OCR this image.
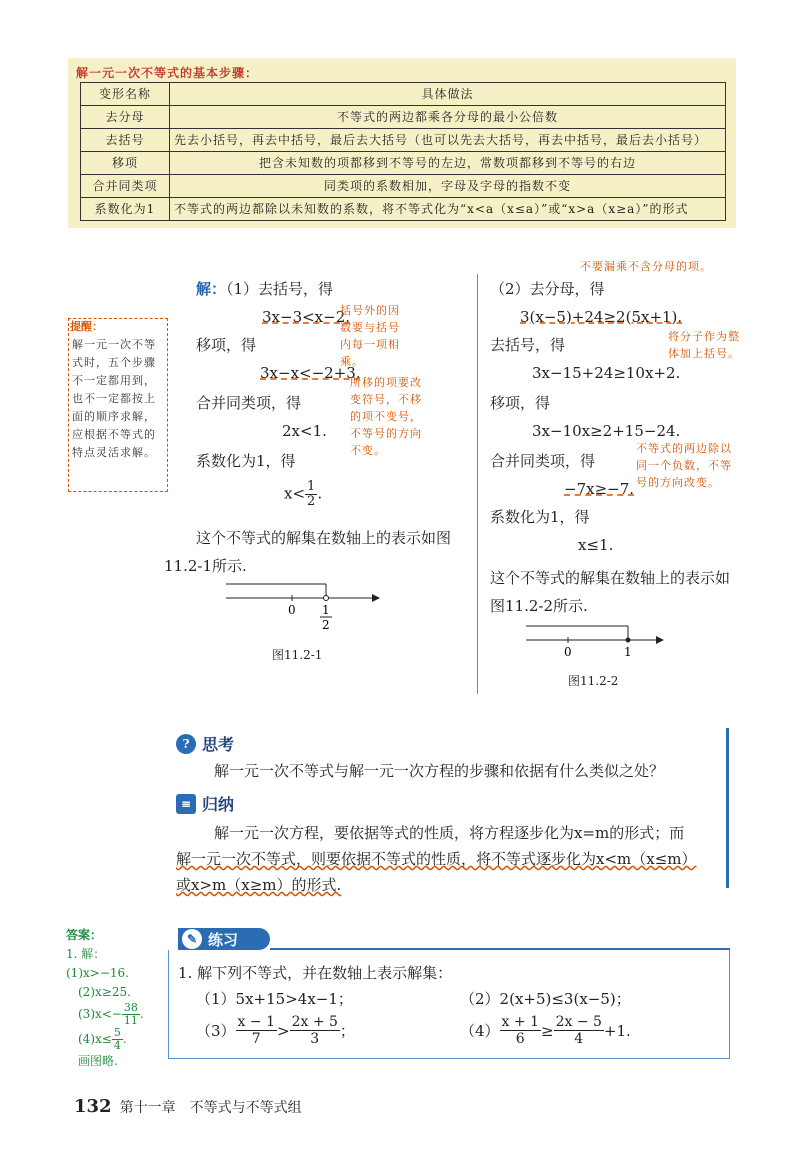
解一元一次不等式的基本步骤：
变形名称	具体做法
去分母	不等式的两边都乘各分母的最小公倍数
去括号	先去小括号，再去中括号，最后去大括号（也可以先去大括号，再去中括号，最后去小括号）
移项	把含未知数的项都移到不等号的左边，常数项都移到不等号的右边
合并同类项	同类项的系数相加，字母及字母的指数不变
系数化为1	不等式的两边都除以未知数的系数，将不等式化为“x<a（x≤a）”或“x>a（x≥a）”的形式
提醒：
解一元一次不等式时，五个步骤不一定都用到，也不一定都按上面的顺序求解，应根据不等式的特点灵活求解。
解：（1）去括号，得
3x−3<x−2.
括号外的因数要与括号内每一项相乘。
移项，得
3x−x<−2+3.
所移的项要改变符号，不移的项不变号，不等号的方向不变。
合并同类项，得
2x<1.
系数化为1，得
$x< \frac{1}{2}$ .
这个不等式的解集在数轴上的表示如图11.2-1所示.
0 1
2
图11.2-1
不要漏乘不含分母的项。
（2）去分母，得
3(x−5)+24≥2(5x+1).
将分子作为整体加上括号。
去括号，得
3x−15+24≥10x+2.
移项，得
3x−10x≥2+15−24.
不等式的两边除以同一个负数，不等号的方向改变。
合并同类项，得
−7x≥−7.
系数化为1，得
x≤1.
这个不等式的解集在数轴上的表示如图11.2-2所示.
0	1
图11.2-2
? 思考
解一元一次不等式与解一元一次方程的步骤和依据有什么类似之处？
≡ 归纳
解一元一次方程，要依据等式的性质，将方程逐步化为x=m的形式；而
解一元一次不等式，则要依据不等式的性质，将不等式逐步化为x<m（x≤m）
或x>m（x≥m）的形式.
答案：
1. 解：(1)x>−16.
(2)x≥25.
$(3)x<- \frac{38}{11}$ .
$(4)x\le \frac{5}{4}$ .
画图略.
✎ 练习
1. 解下列不等式，并在数轴上表示解集：
（1）5x+15>4x−1；	（2）2(x+5)≤3(x−5)；
$(3) \frac{x - 1}{7} > \frac{2x + 5}{3}$ ；	$(4) \frac{x + 1}{6} \ge \frac{2x - 5}{4} +1$.
132 第十一章　不等式与不等式组
